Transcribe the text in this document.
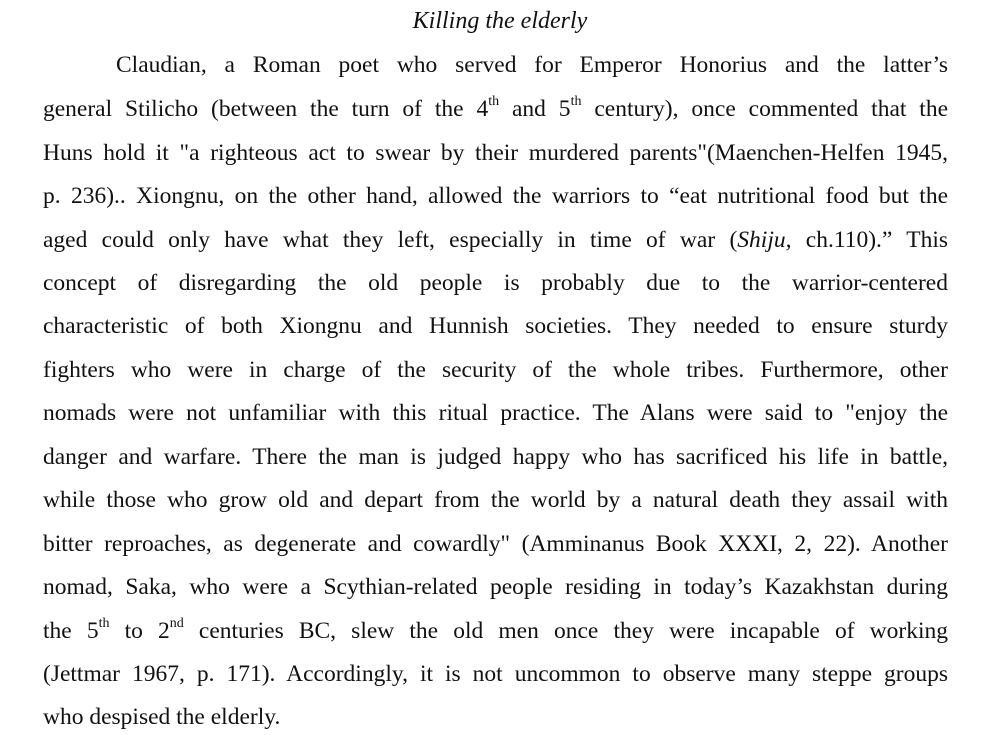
Killing the elderly
Claudian, a Roman poet who served for Emperor Honorius and the latter’s
general Stilicho (between the turn of the 4th and 5th century), once commented that the
Huns hold it "a righteous act to swear by their murdered parents"(Maenchen-Helfen 1945,
p. 236).. Xiongnu, on the other hand, allowed the warriors to “eat nutritional food but the
aged could only have what they left, especially in time of war (Shiju, ch.110).” This
concept of disregarding the old people is probably due to the warrior-centered
characteristic of both Xiongnu and Hunnish societies. They needed to ensure sturdy
fighters who were in charge of the security of the whole tribes. Furthermore, other
nomads were not unfamiliar with this ritual practice. The Alans were said to "enjoy the
danger and warfare. There the man is judged happy who has sacrificed his life in battle,
while those who grow old and depart from the world by a natural death they assail with
bitter reproaches, as degenerate and cowardly" (Amminanus Book XXXI, 2, 22). Another
nomad, Saka, who were a Scythian-related people residing in today’s Kazakhstan during
the 5th to 2nd centuries BC, slew the old men once they were incapable of working
(Jettmar 1967, p. 171). Accordingly, it is not uncommon to observe many steppe groups
who despised the elderly.
